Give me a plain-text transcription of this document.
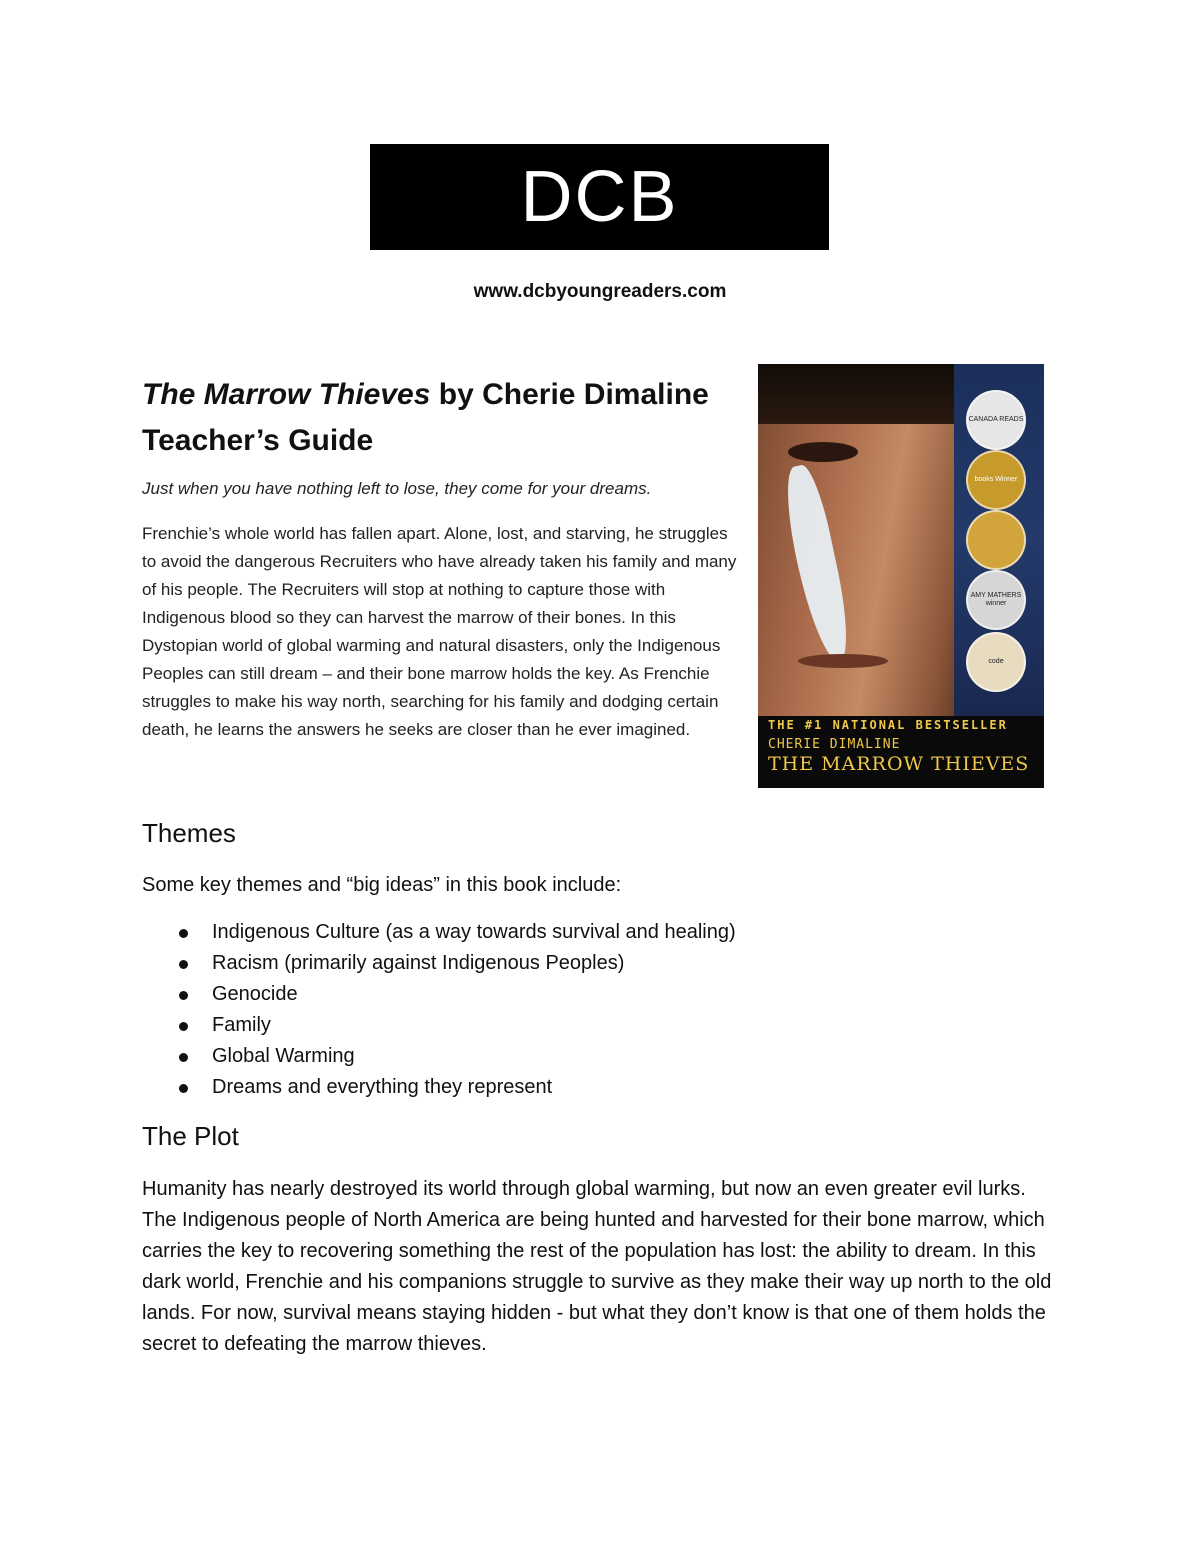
DCB
www.dcbyoungreaders.com
The Marrow Thieves by Cherie Dimaline
Teacher’s Guide
Just when you have nothing left to lose, they come for your dreams.
Frenchie’s whole world has fallen apart. Alone, lost, and starving, he struggles to avoid the dangerous Recruiters who have already taken his family and many of his people. The Recruiters will stop at nothing to capture those with Indigenous blood so they can harvest the marrow of their bones. In this Dystopian world of global warming and natural disasters, only the Indigenous Peoples can still dream – and their bone marrow holds the key. As Frenchie struggles to make his way north, searching for his family and dodging certain death, he learns the answers he seeks are closer than he ever imagined.
CANADA READS
books Winner
AMY MATHERS winner
code
THE #1 NATIONAL BESTSELLER
CHERIE DIMALINE
THE MARROW THIEVES
Themes
Some key themes and “big ideas” in this book include:
Indigenous Culture (as a way towards survival and healing)
Racism (primarily against Indigenous Peoples)
Genocide
Family
Global Warming
Dreams and everything they represent
The Plot
Humanity has nearly destroyed its world through global warming, but now an even greater evil lurks. The Indigenous people of North America are being hunted and harvested for their bone marrow, which carries the key to recovering something the rest of the population has lost: the ability to dream. In this dark world, Frenchie and his companions struggle to survive as they make their way up north to the old lands. For now, survival means staying hidden - but what they don’t know is that one of them holds the secret to defeating the marrow thieves.
